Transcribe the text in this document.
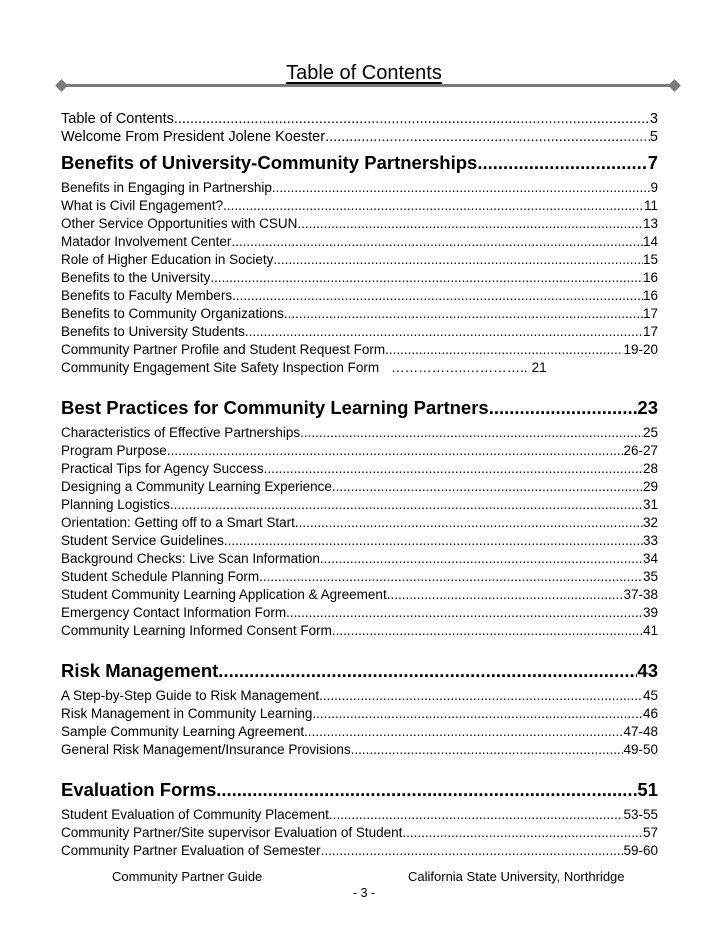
Table of Contents
Table of Contents .....	3
Welcome From President Jolene Koester .....	5
Benefits of University-Community Partnerships .....	7
Benefits in Engaging in Partnership .....	9
What is Civil Engagement? .....	11
Other Service Opportunities with CSUN .....	13
Matador Involvement Center .....	14
Role of Higher Education in Society .....	15
Benefits to the University .....	16
Benefits to Faculty Members .....	16
Benefits to Community Organizations .....	17
Benefits to University Students .....	17
Community Partner Profile and Student Request Form .....	19-20
Community Engagement Site Safety Inspection Form ……………..………….. 21
Best Practices for Community Learning Partners .....	23
Characteristics of Effective Partnerships .....	25
Program Purpose .....	26-27
Practical Tips for Agency Success .....	28
Designing a Community Learning Experience .....	29
Planning Logistics .....	31
Orientation: Getting off to a Smart Start .....	32
Student Service Guidelines .....	33
Background Checks: Live Scan Information .....	34
Student Schedule Planning Form .....	35
Student Community Learning Application & Agreement .....	37-38
Emergency Contact Information Form .....	39
Community Learning Informed Consent Form .....	41
Risk Management .....	43
A Step-by-Step Guide to Risk Management .....	45
Risk Management in Community Learning .....	46
Sample Community Learning Agreement .....	47-48
General Risk Management/Insurance Provisions .....	49-50
Evaluation Forms .....	51
Student Evaluation of Community Placement .....	53-55
Community Partner/Site supervisor Evaluation of Student .....	57
Community Partner Evaluation of Semester .....	59-60
Community Partner Guide	California State University, Northridge
- 3 -
